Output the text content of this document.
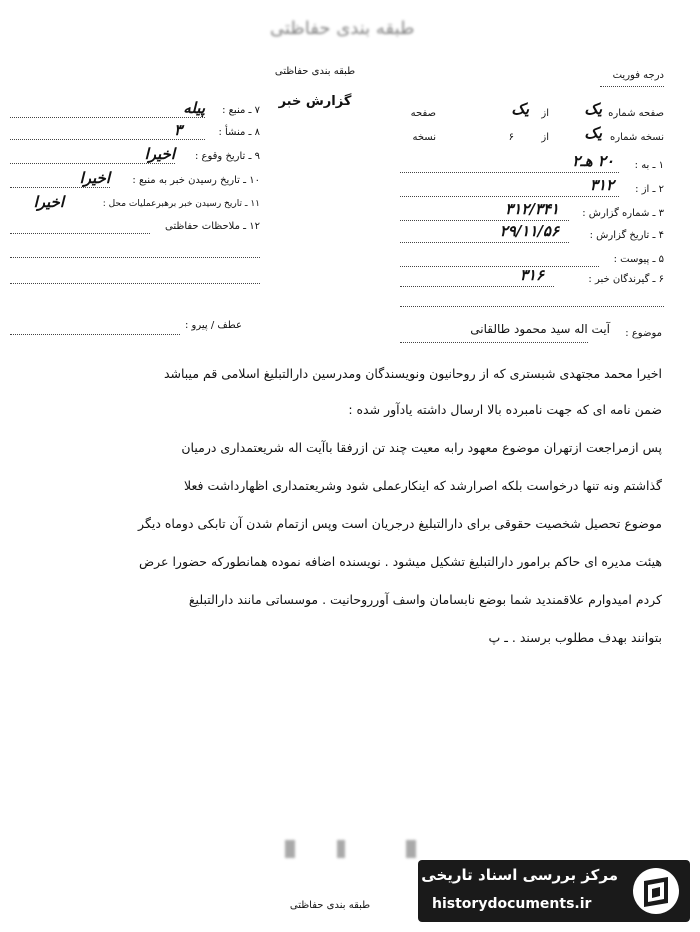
طبقه بندی حفاظتی
طبقه بندی حفاظتی
گزارش خبر
درجه فوریت
۷ ـ منبع :
پیله
۸ ـ منشأ :
۳
۹ ـ تاریخ وقوع :
اخیرا
۱۰ ـ تاریخ رسیدن خبر به منبع :
اخیرا
۱۱ ـ تاریخ رسیدن خبر برهبرعملیات محل :
اخیرا
۱۲ ـ ملاحظات حفاظتی
صفحه شماره
یک
از
یک
صفحه
نسخه شماره
یک
از
۶
نسخه
۱ ـ به :
۲۰ هـ۲
۲ ـ از :
۳۱۲
۳ ـ شماره گزارش :
۳۱۲/۳۴۱
۴ ـ تاریخ گزارش :
۲۹/۱۱/۵۶
۵ ـ پیوست :
۶ ـ گیرندگان خبر :
۳۱۶
عطف / پیرو :
موضوع :
آیت اله سید محمود طالقانی
اخیرا محمد مجتهدی شبستری که از روحانیون ونویسندگان ومدرسین دارالتبلیغ اسلامی قم میباشد
ضمن نامه ای که جهت نامبرده بالا ارسال داشته یادآور شده :
پس ازمراجعت ازتهران موضوع معهود رابه معیت چند تن ازرفقا باآیت اله شریعتمداری درمیان
گذاشتم ونه تنها درخواست بلکه اصرارشد که اینکارعملی شود وشریعتمداری اظهارداشت فعلا
موضوع تحصیل شخصیت حقوقی برای دارالتبلیغ درجریان است وپس ازتمام شدن آن تابکی دوماه دیگر
هیئت مدیره ای حاکم برامور دارالتبلیغ تشکیل میشود . نویسنده اضافه نموده همانطورکه حضورا عرض
کردم امیدوارم علاقمندید شما بوضع نابسامان واسف آورروحانیت . موسساتی مانند دارالتبلیغ
بتوانند بهدف مطلوب برسند . ـ پ

طبقه بندی حفاظتی
مرکز بررسی اسناد تاریخی
historydocuments.ir
